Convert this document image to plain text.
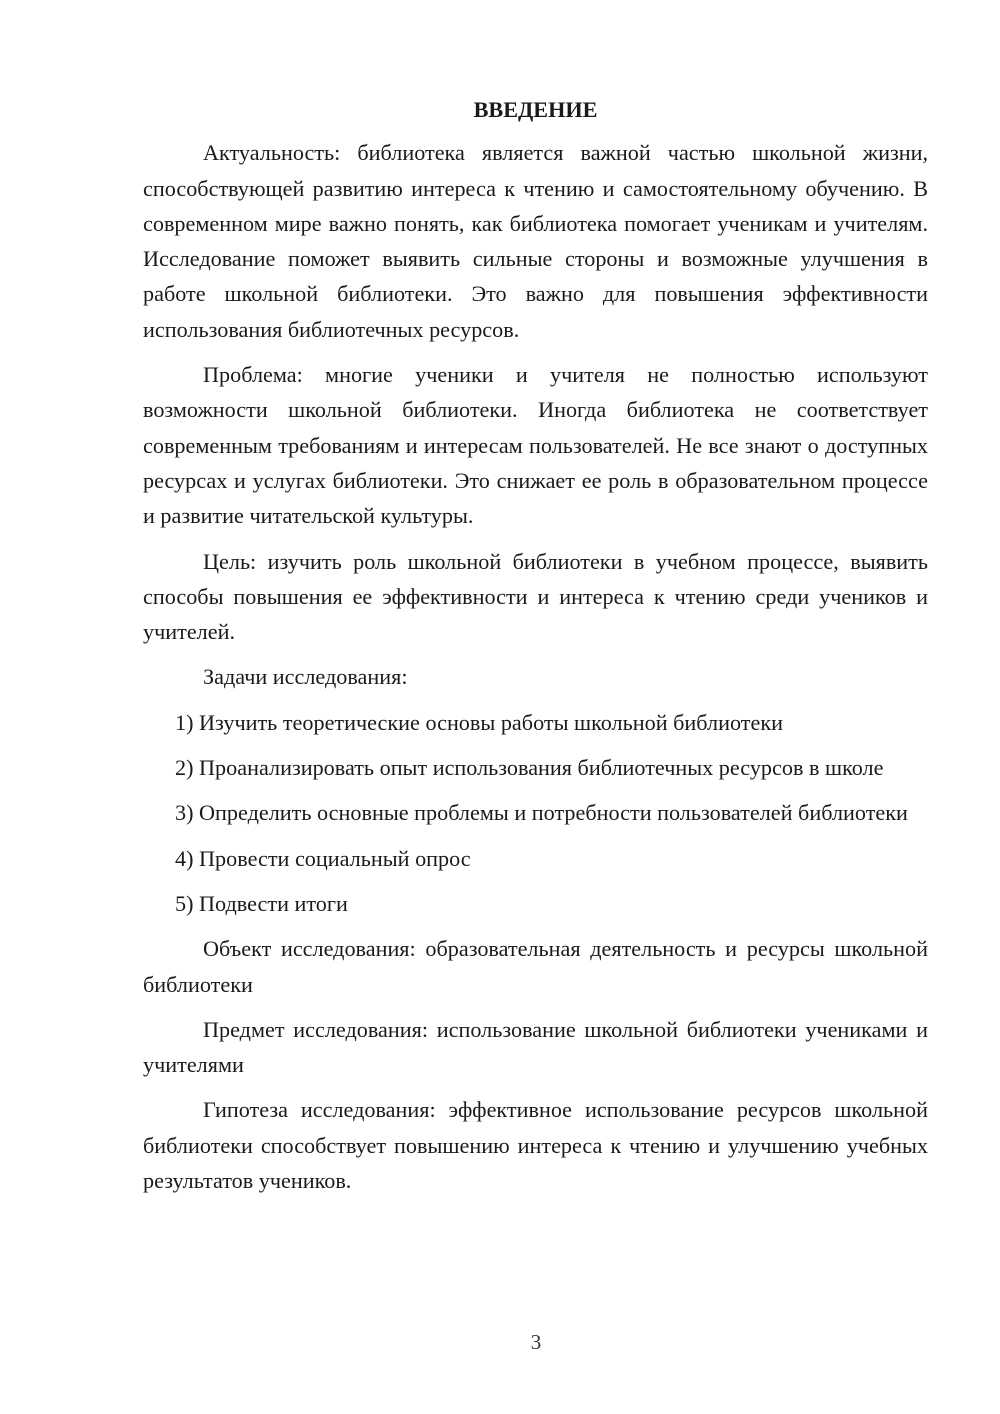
ВВЕДЕНИЕ

Актуальность: библиотека является важной частью школьной жизни, способствующей развитию интереса к чтению и самостоятельному обучению. В современном мире важно понять, как библиотека помогает ученикам и учителям. Исследование поможет выявить сильные стороны и возможные улучшения в работе школьной библиотеки. Это важно для повышения эффективности использования библиотечных ресурсов.

Проблема: многие ученики и учителя не полностью используют возможности школьной библиотеки. Иногда библиотека не соответствует современным требованиям и интересам пользователей. Не все знают о доступных ресурсах и услугах библиотеки. Это снижает ее роль в образовательном процессе и развитие читательской культуры.

Цель: изучить роль школьной библиотеки в учебном процессе, выявить способы повышения ее эффективности и интереса к чтению среди учеников и учителей.

Задачи исследования:

1) Изучить теоретические основы работы школьной библиотеки

2) Проанализировать опыт использования библиотечных ресурсов в школе

3) Определить основные проблемы и потребности пользователей библиотеки

4) Провести социальный опрос

5) Подвести итоги

Объект исследования: образовательная деятельность и ресурсы школьной библиотеки

Предмет исследования: использование школьной библиотеки учениками и учителями

Гипотеза исследования: эффективное использование ресурсов школьной библиотеки способствует повышению интереса к чтению и улучшению учебных результатов учеников.

3
